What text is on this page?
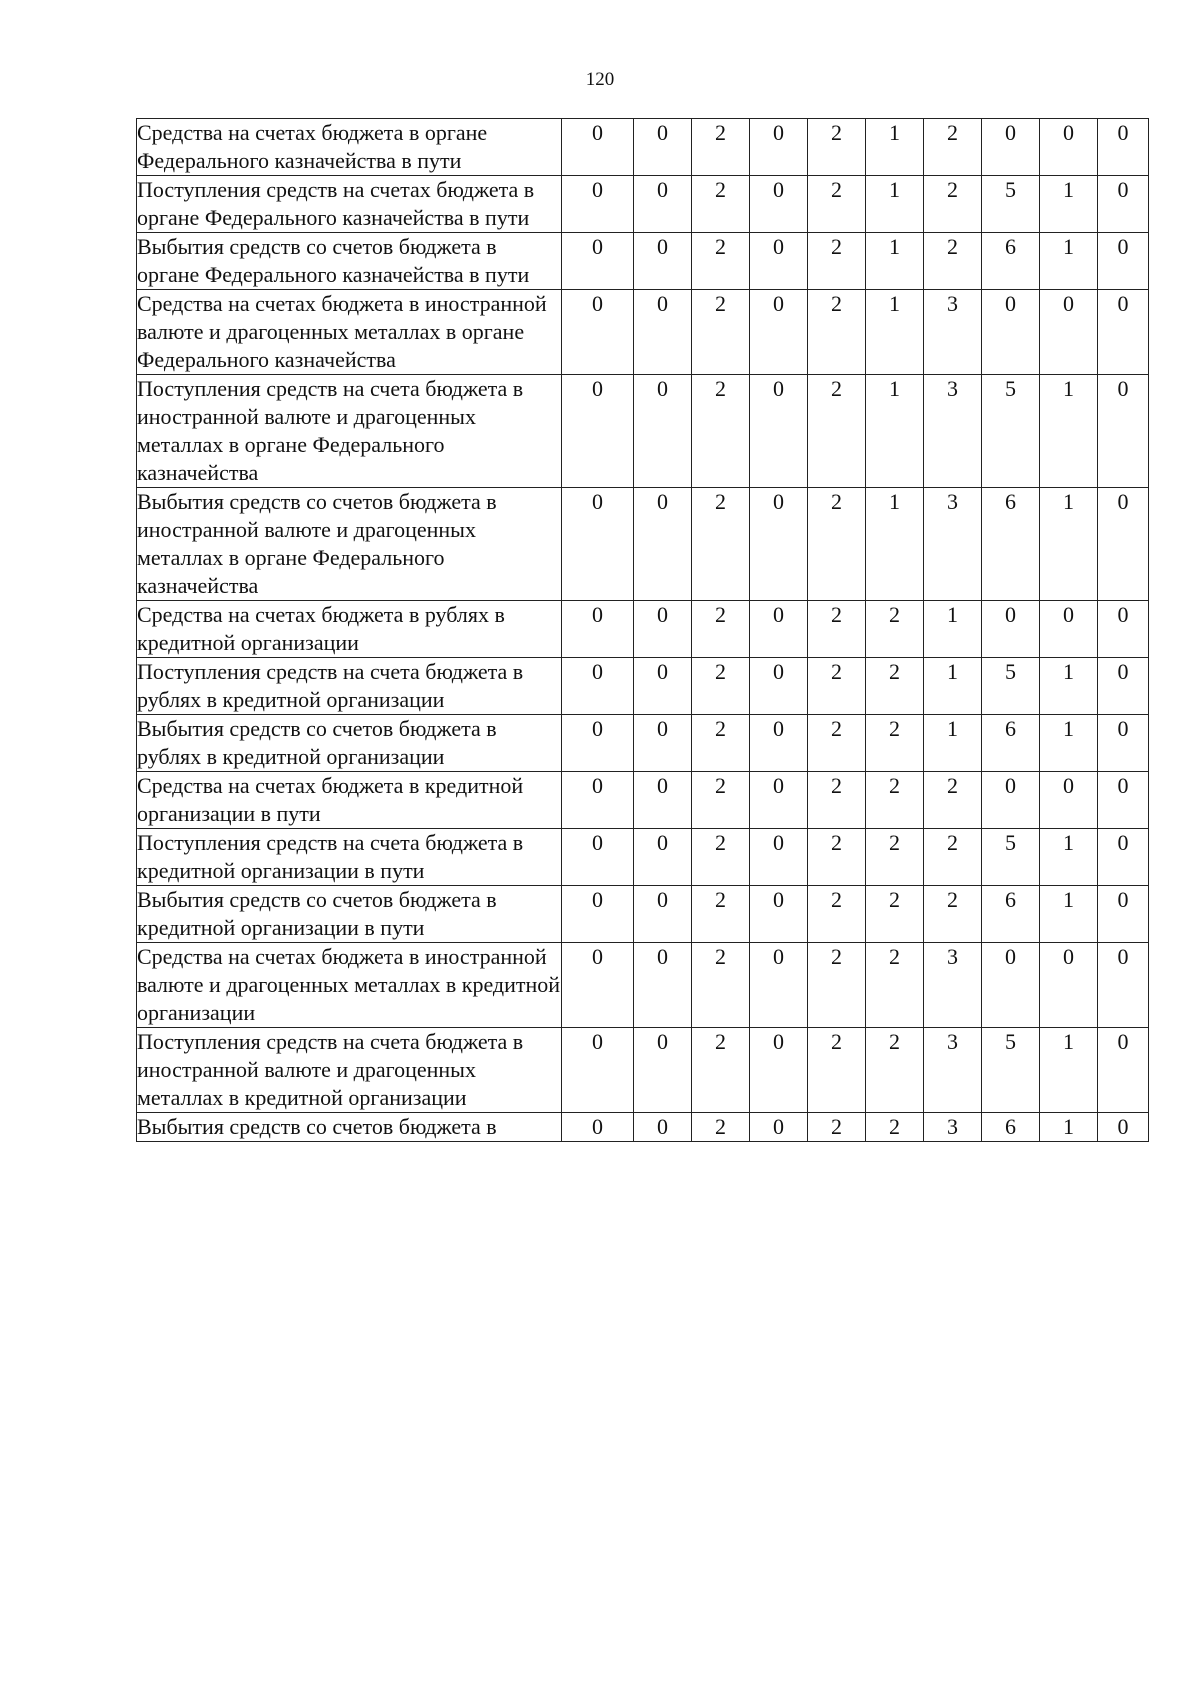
120
Средства на счетах бюджета в органе Федерального казначейства в пути	0	0	2	0	2	1	2	0	0	0
Поступления средств на счетах бюджета в органе Федерального казначейства в пути	0	0	2	0	2	1	2	5	1	0
Выбытия средств со счетов бюджета в органе Федерального казначейства в пути	0	0	2	0	2	1	2	6	1	0
Средства на счетах бюджета в иностранной валюте и драгоценных металлах в органе Федерального казначейства	0	0	2	0	2	1	3	0	0	0
Поступления средств на счета бюджета в иностранной валюте и драгоценных металлах в органе Федерального казначейства	0	0	2	0	2	1	3	5	1	0
Выбытия средств со счетов бюджета в иностранной валюте и драгоценных металлах в органе Федерального казначейства	0	0	2	0	2	1	3	6	1	0
Средства на счетах бюджета в рублях в кредитной организации	0	0	2	0	2	2	1	0	0	0
Поступления средств на счета бюджета в рублях в кредитной организации	0	0	2	0	2	2	1	5	1	0
Выбытия средств со счетов бюджета в рублях в кредитной организации	0	0	2	0	2	2	1	6	1	0
Средства на счетах бюджета в кредитной организации в пути	0	0	2	0	2	2	2	0	0	0
Поступления средств на счета бюджета в кредитной организации в пути	0	0	2	0	2	2	2	5	1	0
Выбытия средств со счетов бюджета в кредитной организации в пути	0	0	2	0	2	2	2	6	1	0
Средства на счетах бюджета в иностранной валюте и драгоценных металлах в кредитной организации	0	0	2	0	2	2	3	0	0	0
Поступления средств на счета бюджета в иностранной валюте и драгоценных металлах в кредитной организации	0	0	2	0	2	2	3	5	1	0
Выбытия средств со счетов бюджета в	0	0	2	0	2	2	3	6	1	0
